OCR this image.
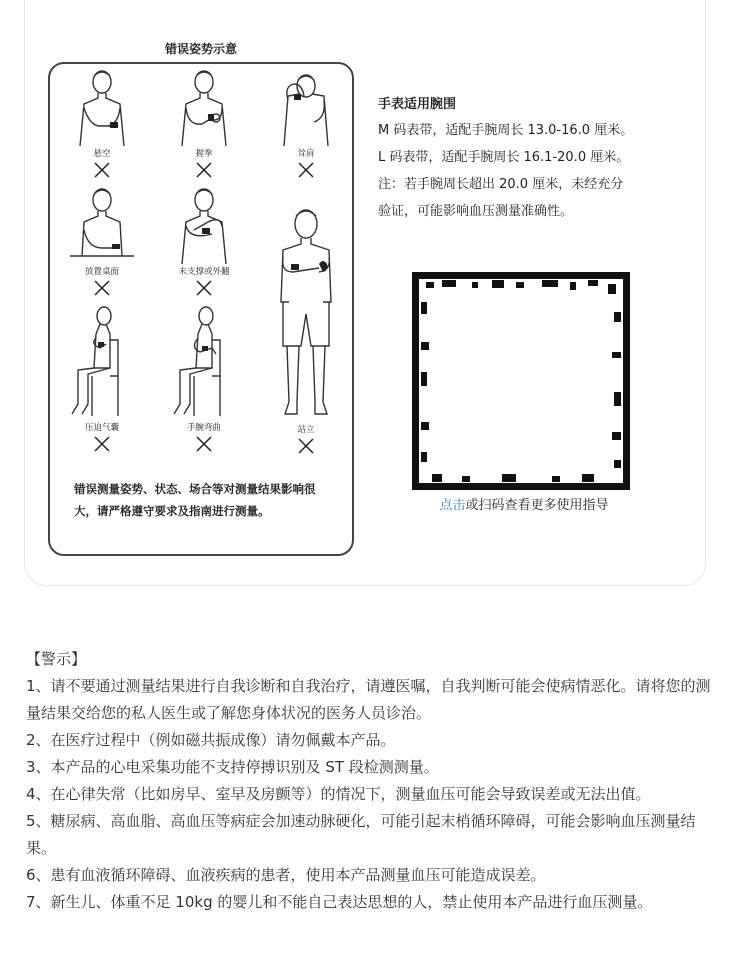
错误姿势示意
悬空	握拳	耸肩
放置桌面	未支撑或外翻
压迫气囊	手腕弯曲	站立
错误测量姿势、状态、场合等对测量结果影响很大，请严格遵守要求及指南进行测量。
手表适用腕围
M 码表带，适配手腕周长 13.0-16.0 厘米。
L 码表带，适配手腕周长 16.1-20.0 厘米。
注：若手腕周长超出 20.0 厘米，未经充分
验证，可能影响血压测量准确性。
点击或扫码查看更多使用指导
【警示】

1、请不要通过测量结果进行自我诊断和自我治疗，请遵医嘱，自我判断可能会使病情恶化。请将您的测量结果交给您的私人医生或了解您身体状况的医务人员诊治。

2、在医疗过程中（例如磁共振成像）请勿佩戴本产品。

3、本产品的心电采集功能不支持停搏识别及 ST 段检测测量。

4、在心律失常（比如房早、室早及房颤等）的情况下，测量血压可能会导致误差或无法出值。

5、糖尿病、高血脂、高血压等病症会加速动脉硬化，可能引起末梢循环障碍，可能会影响血压测量结果。

6、患有血液循环障碍、血液疾病的患者，使用本产品测量血压可能造成误差。

7、新生儿、体重不足 10kg 的婴儿和不能自己表达思想的人，禁止使用本产品进行血压测量。
